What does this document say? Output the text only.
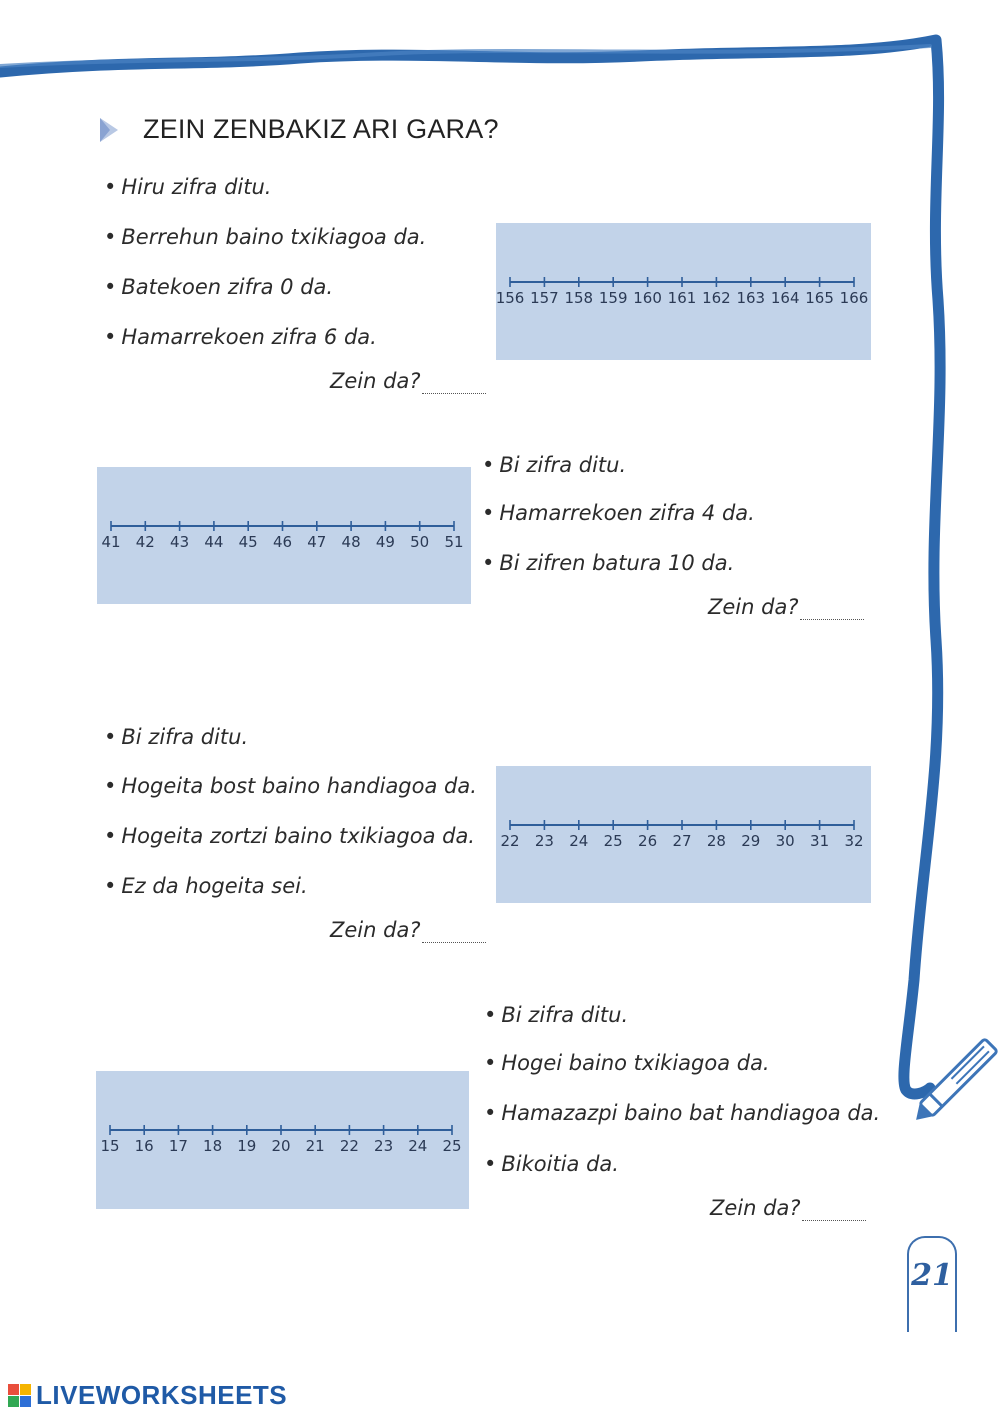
ZEIN ZENBAKIZ ARI GARA?
• Hiru zifra ditu.
• Berrehun baino txikiagoa da.
• Batekoen zifra 0 da.
• Hamarrekoen zifra 6 da.
Zein da?
156 157 158 159 160 161 162 163 164 165 166
41 42 43 44 45 46 47 48 49 50 51
• Bi zifra ditu.
• Hamarrekoen zifra 4 da.
• Bi zifren batura 10 da.
Zein da?
• Bi zifra ditu.
• Hogeita bost baino handiagoa da.
• Hogeita zortzi baino txikiagoa da.
• Ez da hogeita sei.
Zein da?
22 23 24 25 26 27 28 29 30 31 32
15 16 17 18 19 20 21 22 23 24 25
• Bi zifra ditu.
• Hogei baino txikiagoa da.
• Hamazazpi baino bat handiagoa da.
• Bikoitia da.
Zein da?
21
LIVEWORKSHEETS
